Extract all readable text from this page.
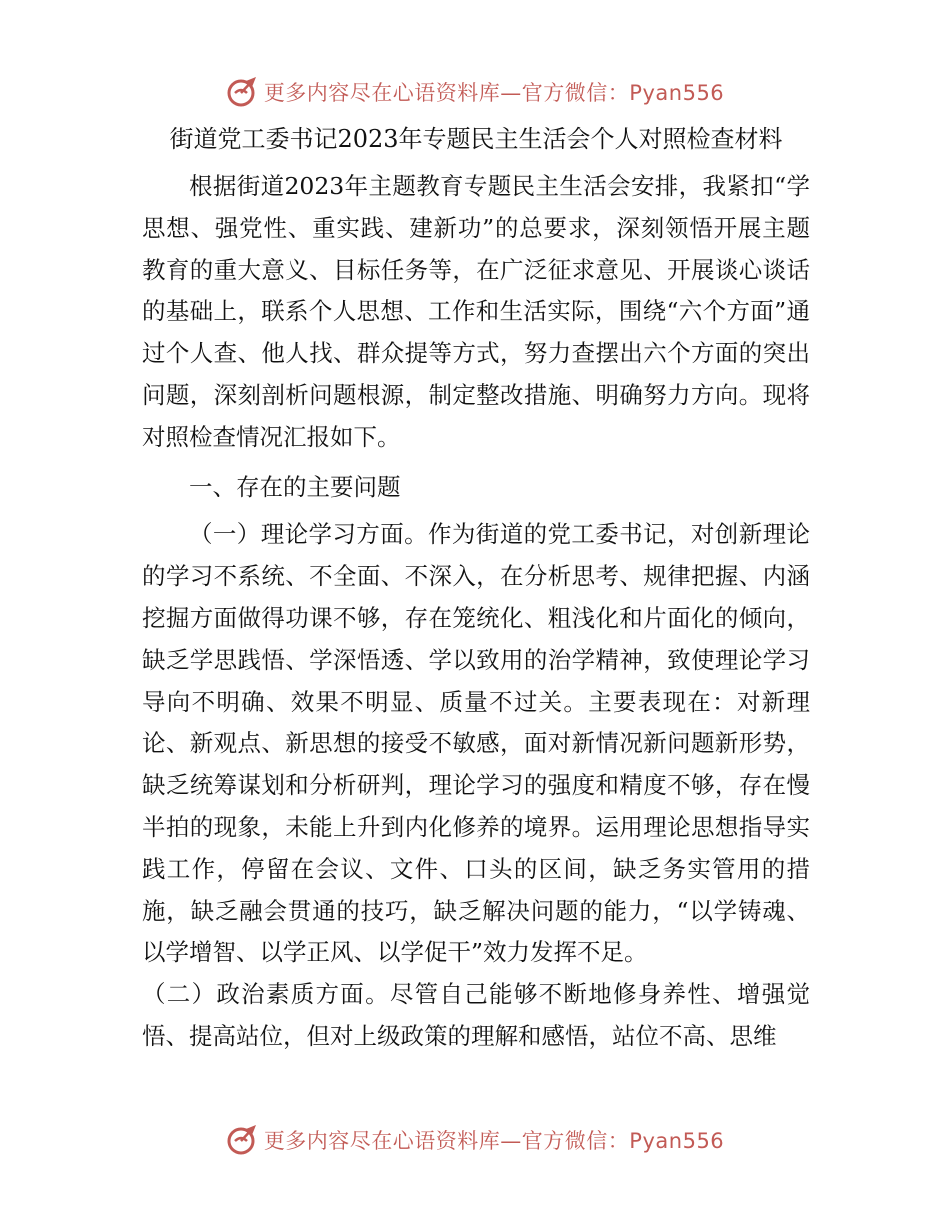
更多内容尽在心语资料库—官方微信：Pyan556
街道党工委书记2023年专题民主生活会个人对照检查材料

根据街道2023年主题教育专题民主生活会安排，我紧扣“学思想、强党性、重实践、建新功”的总要求，深刻领悟开展主题教育的重大意义、目标任务等，在广泛征求意见、开展谈心谈话的基础上，联系个人思想、工作和生活实际，围绕“六个方面”通过个人查、他人找、群众提等方式，努力查摆出六个方面的突出问题，深刻剖析问题根源，制定整改措施、明确努力方向。现将对照检查情况汇报如下。

一、存在的主要问题

（一）理论学习方面。作为街道的党工委书记，对创新理论的学习不系统、不全面、不深入，在分析思考、规律把握、内涵挖掘方面做得功课不够，存在笼统化、粗浅化和片面化的倾向，缺乏学思践悟、学深悟透、学以致用的治学精神，致使理论学习导向不明确、效果不明显、质量不过关。主要表现在：对新理论、新观点、新思想的接受不敏感，面对新情况新问题新形势，缺乏统筹谋划和分析研判，理论学习的强度和精度不够，存在慢半拍的现象，未能上升到内化修养的境界。运用理论思想指导实践工作，停留在会议、文件、口头的区间，缺乏务实管用的措施，缺乏融会贯通的技巧，缺乏解决问题的能力，“以学铸魂、以学增智、以学正风、以学促干”效力发挥不足。

（二）政治素质方面。尽管自己能够不断地修身养性、增强觉悟、提高站位，但对上级政策的理解和感悟，站位不高、思维

更多内容尽在心语资料库—官方微信：Pyan556
